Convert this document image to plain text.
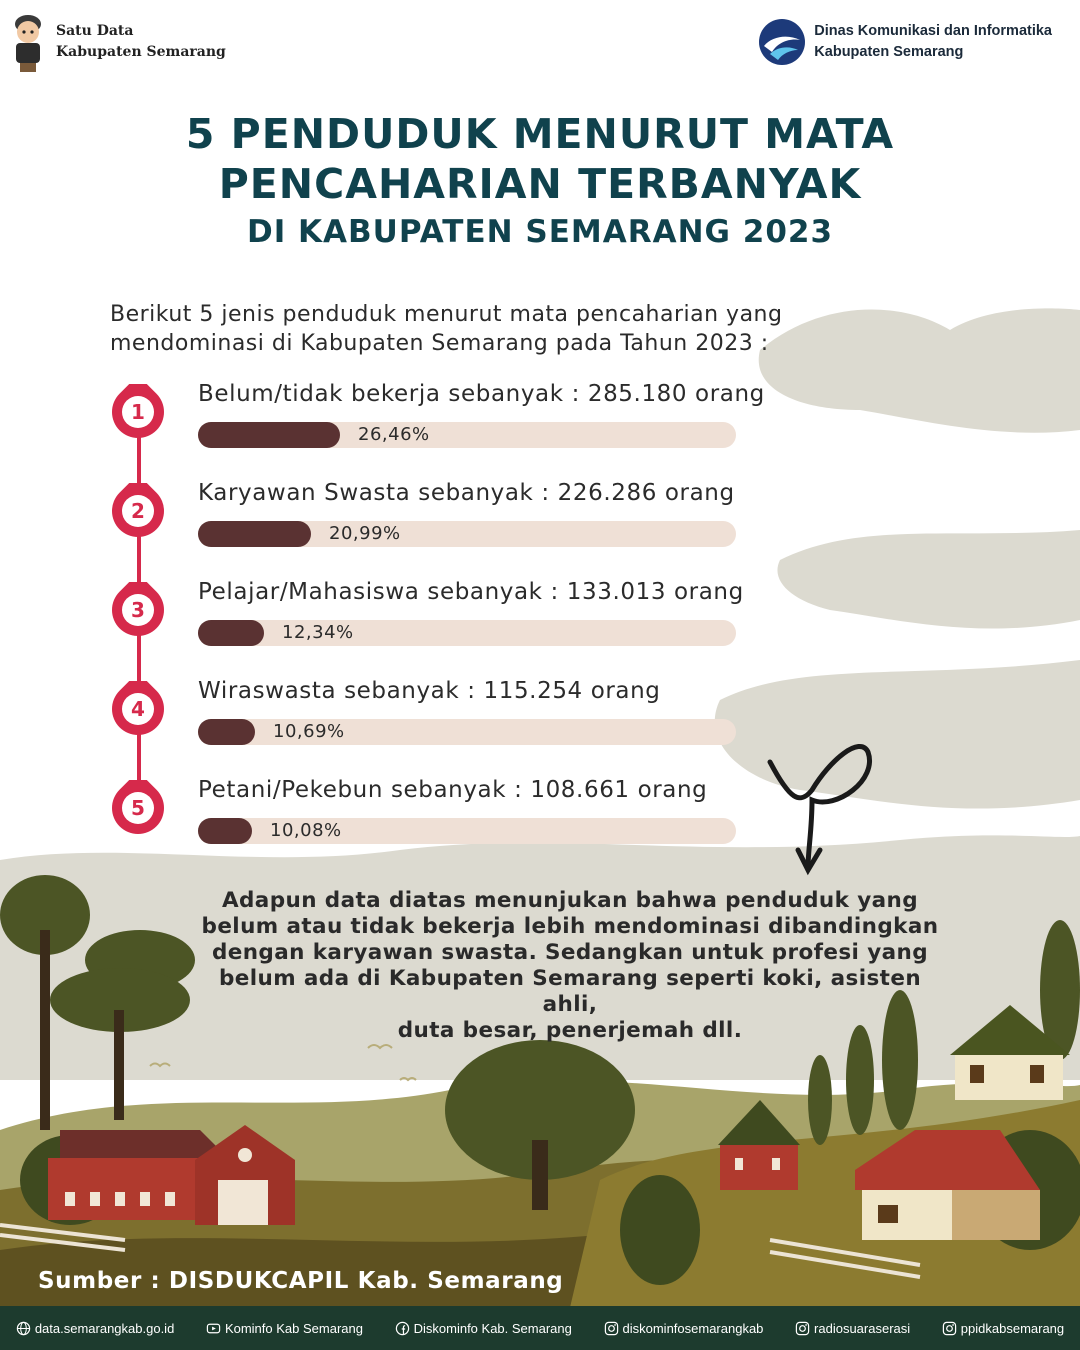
Satu Data
Kabupaten Semarang
Dinas Komunikasi dan Informatika
Kabupaten Semarang
5 PENDUDUK MENURUT MATA
PENCAHARIAN TERBANYAK
DI KABUPATEN SEMARANG 2023
Berikut 5 jenis penduduk menurut mata pencaharian yang
mendominasi di Kabupaten Semarang pada Tahun 2023 :
1
Belum/tidak bekerja sebanyak : 285.180 orang
26,46%
2
Karyawan Swasta sebanyak : 226.286 orang
20,99%
3
Pelajar/Mahasiswa sebanyak : 133.013 orang
12,34%
4
Wiraswasta sebanyak : 115.254 orang
10,69%
5
Petani/Pekebun sebanyak : 108.661 orang
10,08%
Adapun data diatas menunjukan bahwa penduduk yang
belum atau tidak bekerja lebih mendominasi dibandingkan
dengan karyawan swasta. Sedangkan untuk profesi yang
belum ada di Kabupaten Semarang seperti koki, asisten ahli,
duta besar, penerjemah dll.
Sumber : DISDUKCAPIL Kab. Semarang
data.semarangkab.go.id	Kominfo Kab Semarang	Diskominfo Kab. Semarang	diskominfosemarangkab	radiosuaraserasi	ppidkabsemarang
